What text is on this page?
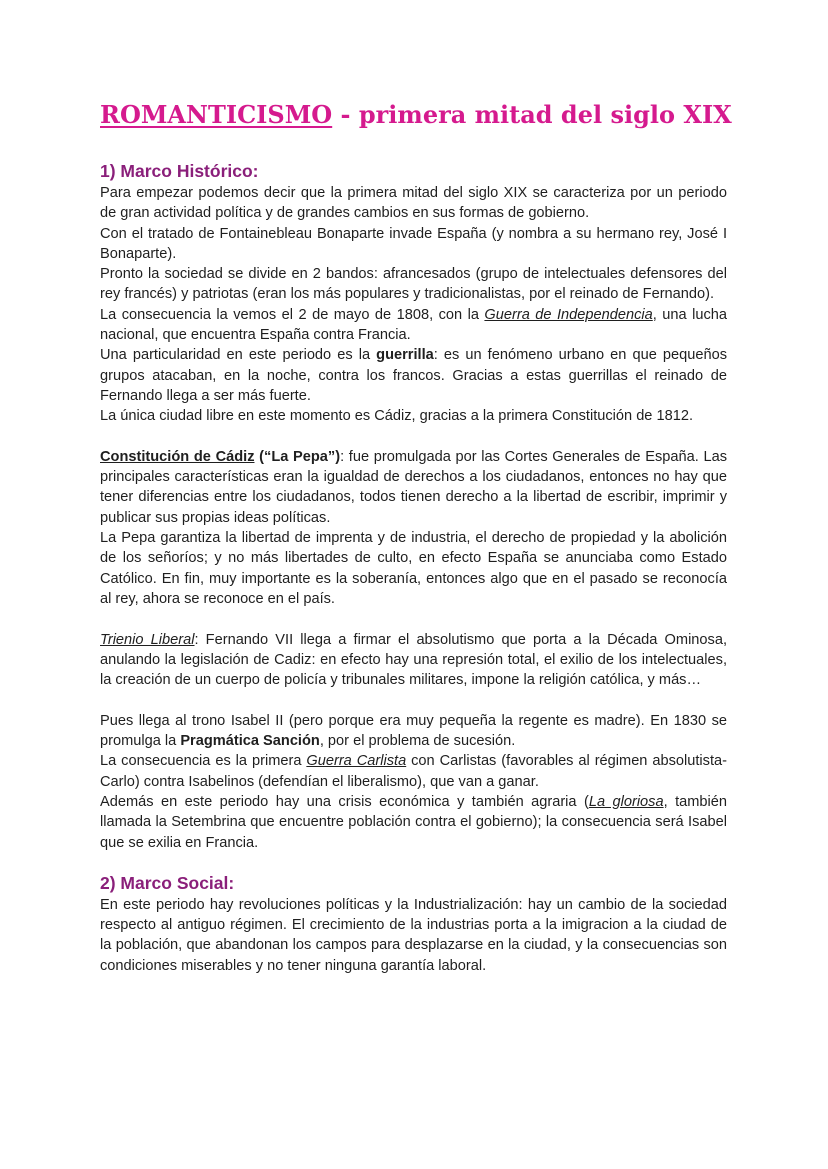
ROMANTICISMO - primera mitad del siglo XIX
1) Marco Histórico:

Para empezar podemos decir que la primera mitad del siglo XIX se caracteriza por un periodo de gran actividad política y de grandes cambios en sus formas de gobierno.

Con el tratado de Fontainebleau Bonaparte invade España (y nombra a su hermano rey, José I Bonaparte).

Pronto la sociedad se divide en 2 bandos: afrancesados (grupo de intelectuales defensores del rey francés) y patriotas (eran los más populares y tradicionalistas, por el reinado de Fernando).

La consecuencia la vemos el 2 de mayo de 1808, con la Guerra de Independencia, una lucha nacional, que encuentra España contra Francia.

Una particularidad en este periodo es la guerrilla: es un fenómeno urbano en que pequeños grupos atacaban, en la noche, contra los francos. Gracias a estas guerrillas el reinado de Fernando llega a ser más fuerte.

La única ciudad libre en este momento es Cádiz, gracias a la primera Constitución de 1812.

Constitución de Cádiz (“La Pepa”): fue promulgada por las Cortes Generales de España. Las principales características eran la igualdad de derechos a los ciudadanos, entonces no hay que tener diferencias entre los ciudadanos, todos tienen derecho a la libertad de escribir, imprimir y publicar sus propias ideas políticas.

La Pepa garantiza la libertad de imprenta y de industria, el derecho de propiedad y la abolición de los señoríos; y no más libertades de culto, en efecto España se anunciaba como Estado Católico. En fin, muy importante es la soberanía, entonces algo que en el pasado se reconocía al rey, ahora se reconoce en el país.

Trienio Liberal: Fernando VII llega a firmar el absolutismo que porta a la Década Ominosa, anulando la legislación de Cadiz: en efecto hay una represión total, el exilio de los intelectuales, la creación de un cuerpo de policía y tribunales militares, impone la religión católica, y más…

Pues llega al trono Isabel II (pero porque era muy pequeña la regente es madre). En 1830 se promulga la Pragmática Sanción, por el problema de sucesión.

La consecuencia es la primera Guerra Carlista con Carlistas (favorables al régimen absolutista-Carlo) contra Isabelinos (defendían el liberalismo), que van a ganar.

Además en este periodo hay una crisis económica y también agraria (La gloriosa, también llamada la Setembrina que encuentre población contra el gobierno); la consecuencia será Isabel que se exilia en Francia.

2) Marco Social:

En este periodo hay revoluciones políticas y la Industrialización: hay un cambio de la sociedad respecto al antiguo régimen. El crecimiento de la industrias porta a la imigracion a la ciudad de la población, que abandonan los campos para desplazarse en la ciudad, y la consecuencias son condiciones miserables y no tener ninguna garantía laboral.
